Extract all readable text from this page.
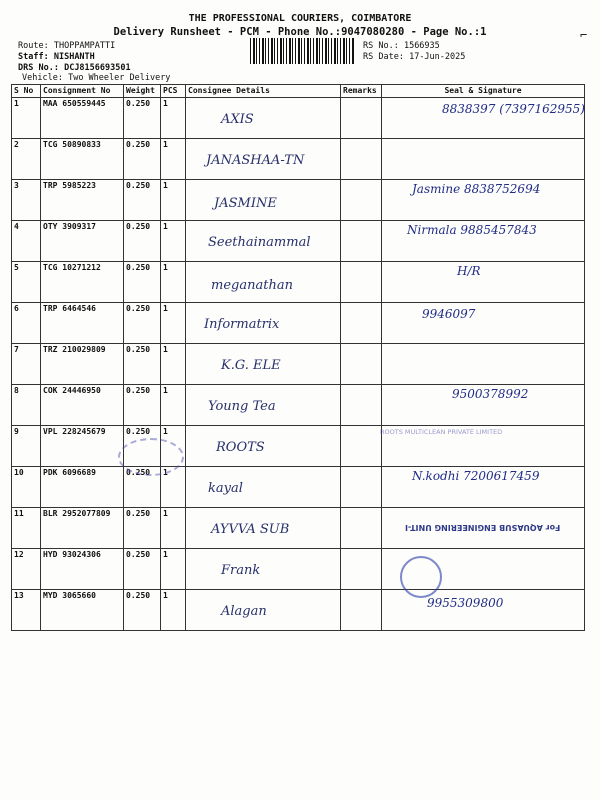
THE PROFESSIONAL COURIERS, COIMBATORE
Delivery Runsheet - PCM - Phone No.:9047080280 - Page No.:1	⌐
Route: THOPPAMPATTI
Staff: NISHANTH
DRS No.: DCJ8156693501
Vehicle: Two Wheeler Delivery
RS No.: 1566935
RS Date: 17-Jun-2025
S No	Consignment No	Weight	PCS	Consignee Details	Remarks	Seal & Signature
1	MAA 650559445	0.250	1	AXIS		8838397 (7397162955)

2	TCG 50890833	0.250	1	JANASHAA-TN		

3	TRP 5985223	0.250	1	JASMINE		Jasmine 8838752694

4	OTY 3909317	0.250	1	Seethainammal		Nirmala 9885457843

5	TCG 10271212	0.250	1	meganathan		H/R

6	TRP 6464546	0.250	1	Informatrix		9946097

7	TRZ 210029809	0.250	1	K.G. ELE		

8	COK 24446950	0.250	1	Young Tea		9500378992

9	VPL 228245679	0.250	1	ROOTS		

10	PDK 6096689	0.250	1	kayal		N.kodhi 7200617459

11	BLR 2952077809	0.250	1	AYVVA SUB		

12	HYD 93024306	0.250	1	Frank		

13	MYD 3065660	0.250	1	Alagan		9955309800
ROOTS MULTICLEAN PRIVATE LIMITED
For AQUASUB ENGINEERING UNIT-I
